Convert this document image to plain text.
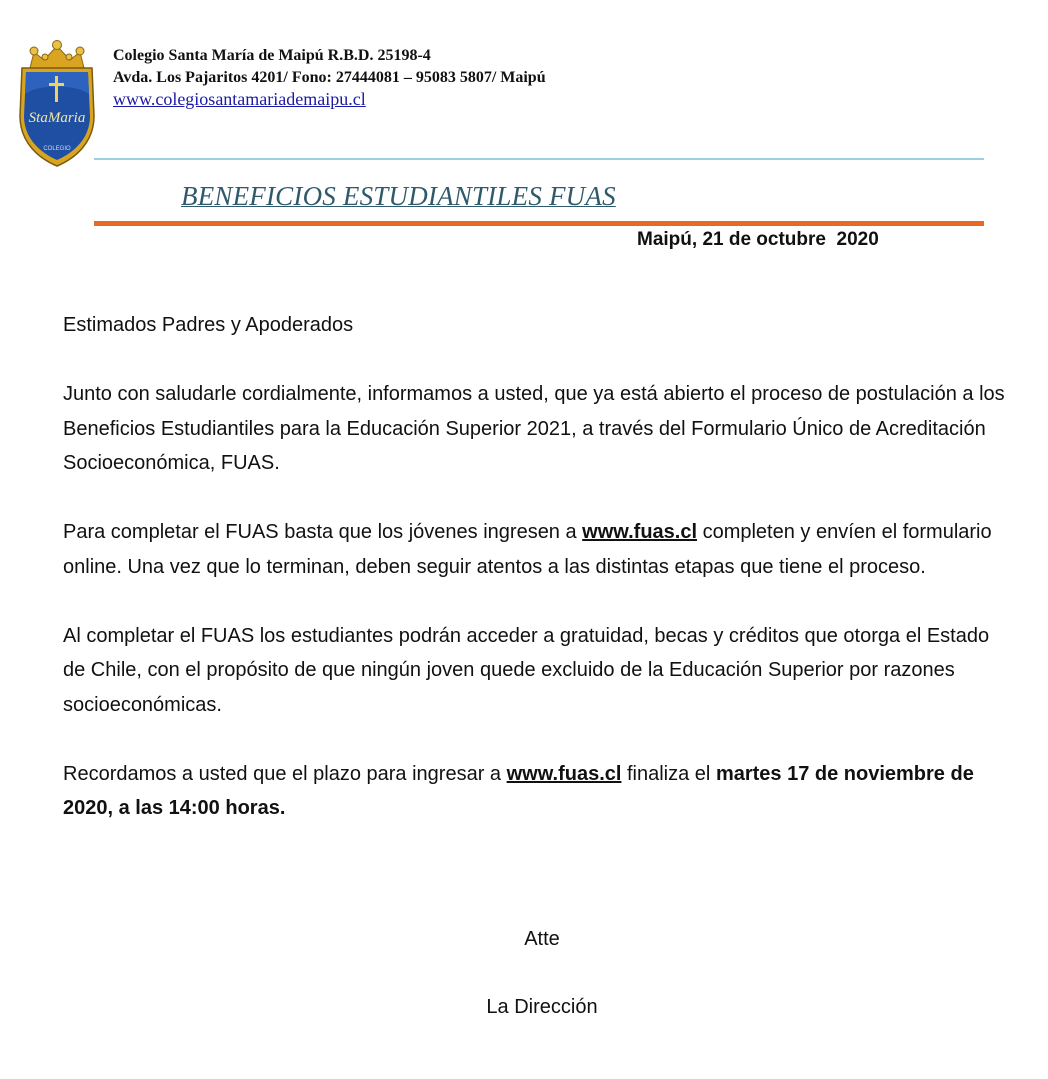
StaMaria
COLEGIO
Colegio Santa María de Maipú R.B.D. 25198-4
Avda. Los Pajaritos 4201/ Fono: 27444081 – 95083 5807/ Maipú
www.colegiosantamariademaipu.cl
BENEFICIOS ESTUDIANTILES FUAS
Maipú, 21 de octubre  2020

Estimados Padres y Apoderados

Junto con saludarle cordialmente, informamos a usted, que ya está abierto el proceso de postulación a los Beneficios Estudiantiles para la Educación Superior 2021, a través del Formulario Único de Acreditación Socioeconómica, FUAS.

Para completar el FUAS basta que los jóvenes ingresen a www.fuas.cl completen y envíen el formulario online. Una vez que lo terminan, deben seguir atentos a las distintas etapas que tiene el proceso.

Al completar el FUAS los estudiantes podrán acceder a gratuidad, becas y créditos que otorga el Estado de Chile, con el propósito de que ningún joven quede excluido de la Educación Superior por razones socioeconómicas.

Recordamos a usted que el plazo para ingresar a www.fuas.cl finaliza el martes 17 de noviembre de 2020, a las 14:00 horas.

Atte
La Dirección
